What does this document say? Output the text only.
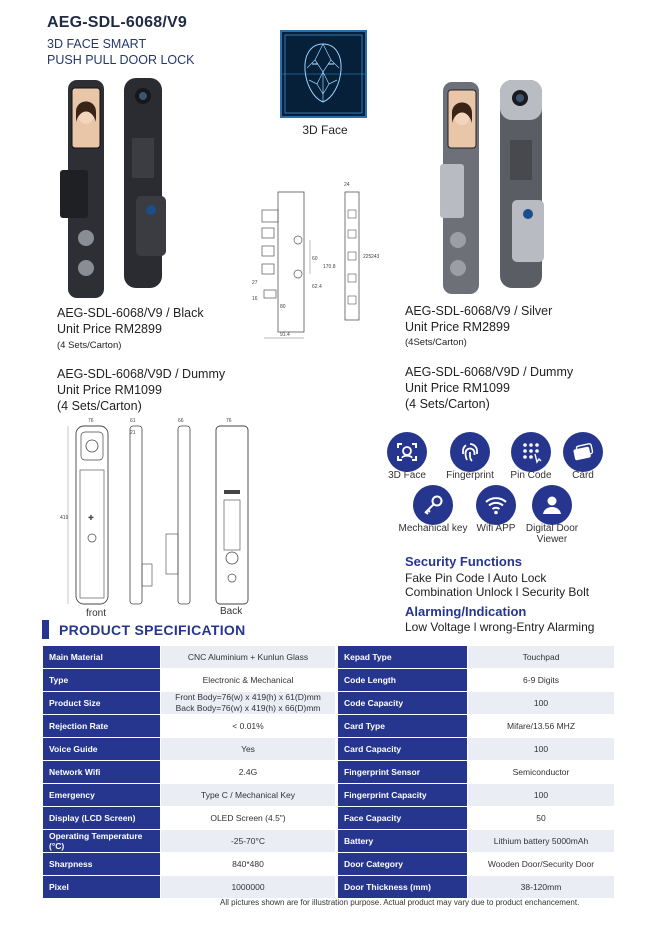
AEG-SDL-6068/V9
3D FACE SMART
PUSH PULL DOOR LOCK
3D Face
24
60
170.8
225 243
62.4
27
16
80
91.4
AEG-SDL-6068/V9 / Black
Unit Price RM2899
(4 Sets/Carton)
AEG-SDL-6068/V9 / Silver
Unit Price RM2899
(4Sets/Carton)
AEG-SDL-6068/V9D / Dummy
Unit Price RM1099
(4 Sets/Carton)
AEG-SDL-6068/V9D / Dummy
Unit Price RM1099
(4 Sets/Carton)
✚
419
76	61
21
66	76
front	Back
3D Face	Fingerprint	Pin Code	Card
Mechanical key Wifi APP	Digital Door Viewer
Security Functions
Fake Pin Code l Auto Lock
Combination Unlock l Security Bolt
Alarming/Indication
Low Voltage l wrong-Entry Alarming
PRODUCT SPECIFICATION
Main Material	CNC Aluminium + Kunlun Glass		Kepad Type	Touchpad
Type	Electronic & Mechanical		Code Length	6-9 Digits
Product Size	Front Body=76(w) x 419(h) x 61(D)mm
Back Body=76(w) x 419(h) x 66(D)mm		Code Capacity	100
Rejection Rate	< 0.01%		Card Type	Mifare/13.56 MHZ
Voice Guide	Yes		Card Capacity	100
Network Wifi	2.4G		Fingerprint Sensor	Semiconductor
Emergency	Type C / Mechanical Key		Fingerprint Capacity	100
Display (LCD Screen)	OLED Screen (4.5")		Face Capacity	50
Operating Temperature (°C)	-25-70°C		Battery	Lithium battery 5000mAh
Sharpness	840*480		Door Category	Wooden Door/Security Door
Pixel	1000000		Door Thickness (mm)	38-120mm
All pictures shown are for illustration purpose. Actual product may vary due to product enchancement.
